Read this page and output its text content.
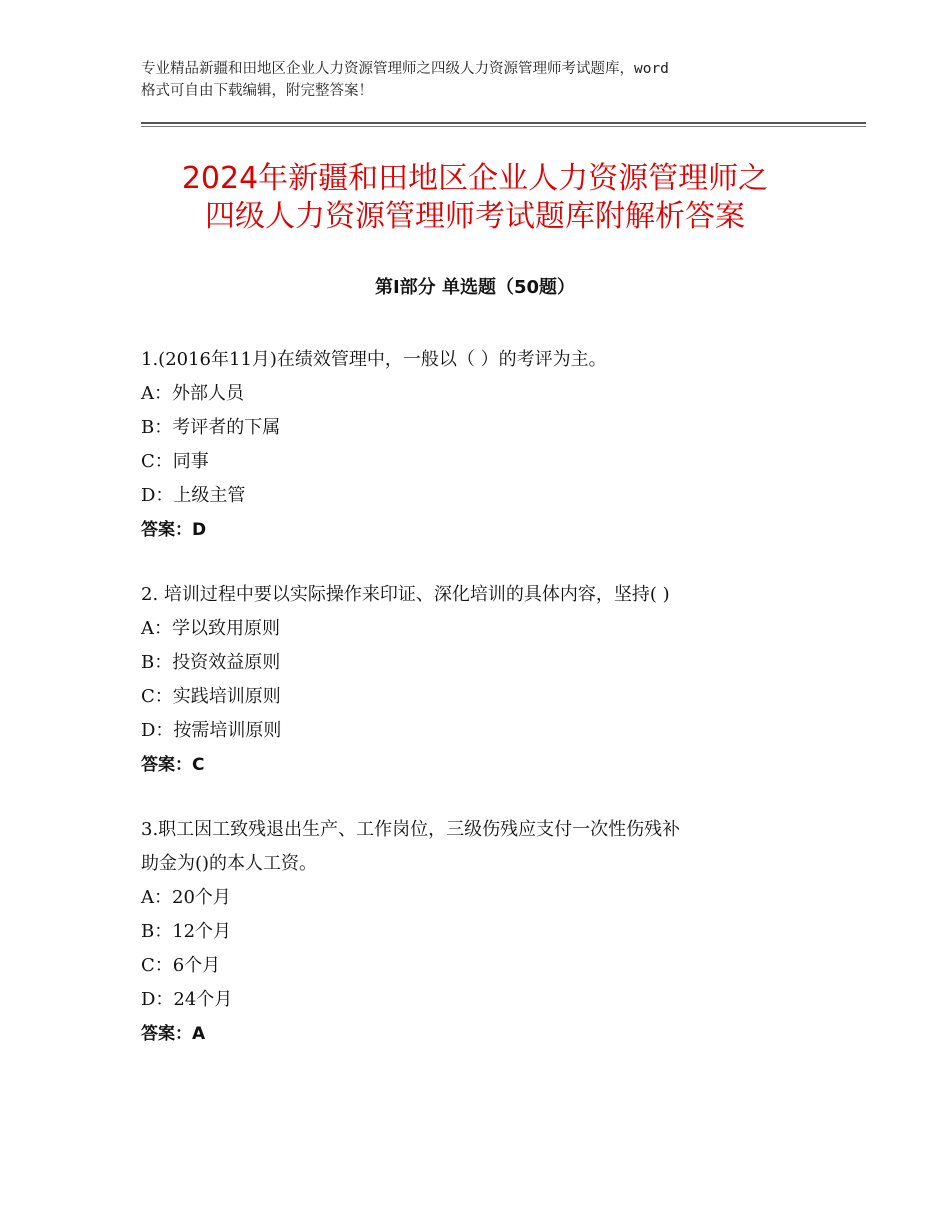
专业精品新疆和田地区企业人力资源管理师之四级人力资源管理师考试题库，word
格式可自由下载编辑，附完整答案！
2024年新疆和田地区企业人力资源管理师之
四级人力资源管理师考试题库附解析答案
第Ⅰ部分 单选题（50题）
1.(2016年11月)在绩效管理中，一般以（ ）的考评为主。
A：外部人员
B：考评者的下属
C：同事
D：上级主管
答案：D
2. 培训过程中要以实际操作来印证、深化培训的具体内容，坚持( )
A：学以致用原则
B：投资效益原则
C：实践培训原则
D：按需培训原则
答案：C
3.职工因工致残退出生产、工作岗位，三级伤残应支付一次性伤残补
助金为()的本人工资。
A：20个月
B：12个月
C：6个月
D：24个月
答案：A
